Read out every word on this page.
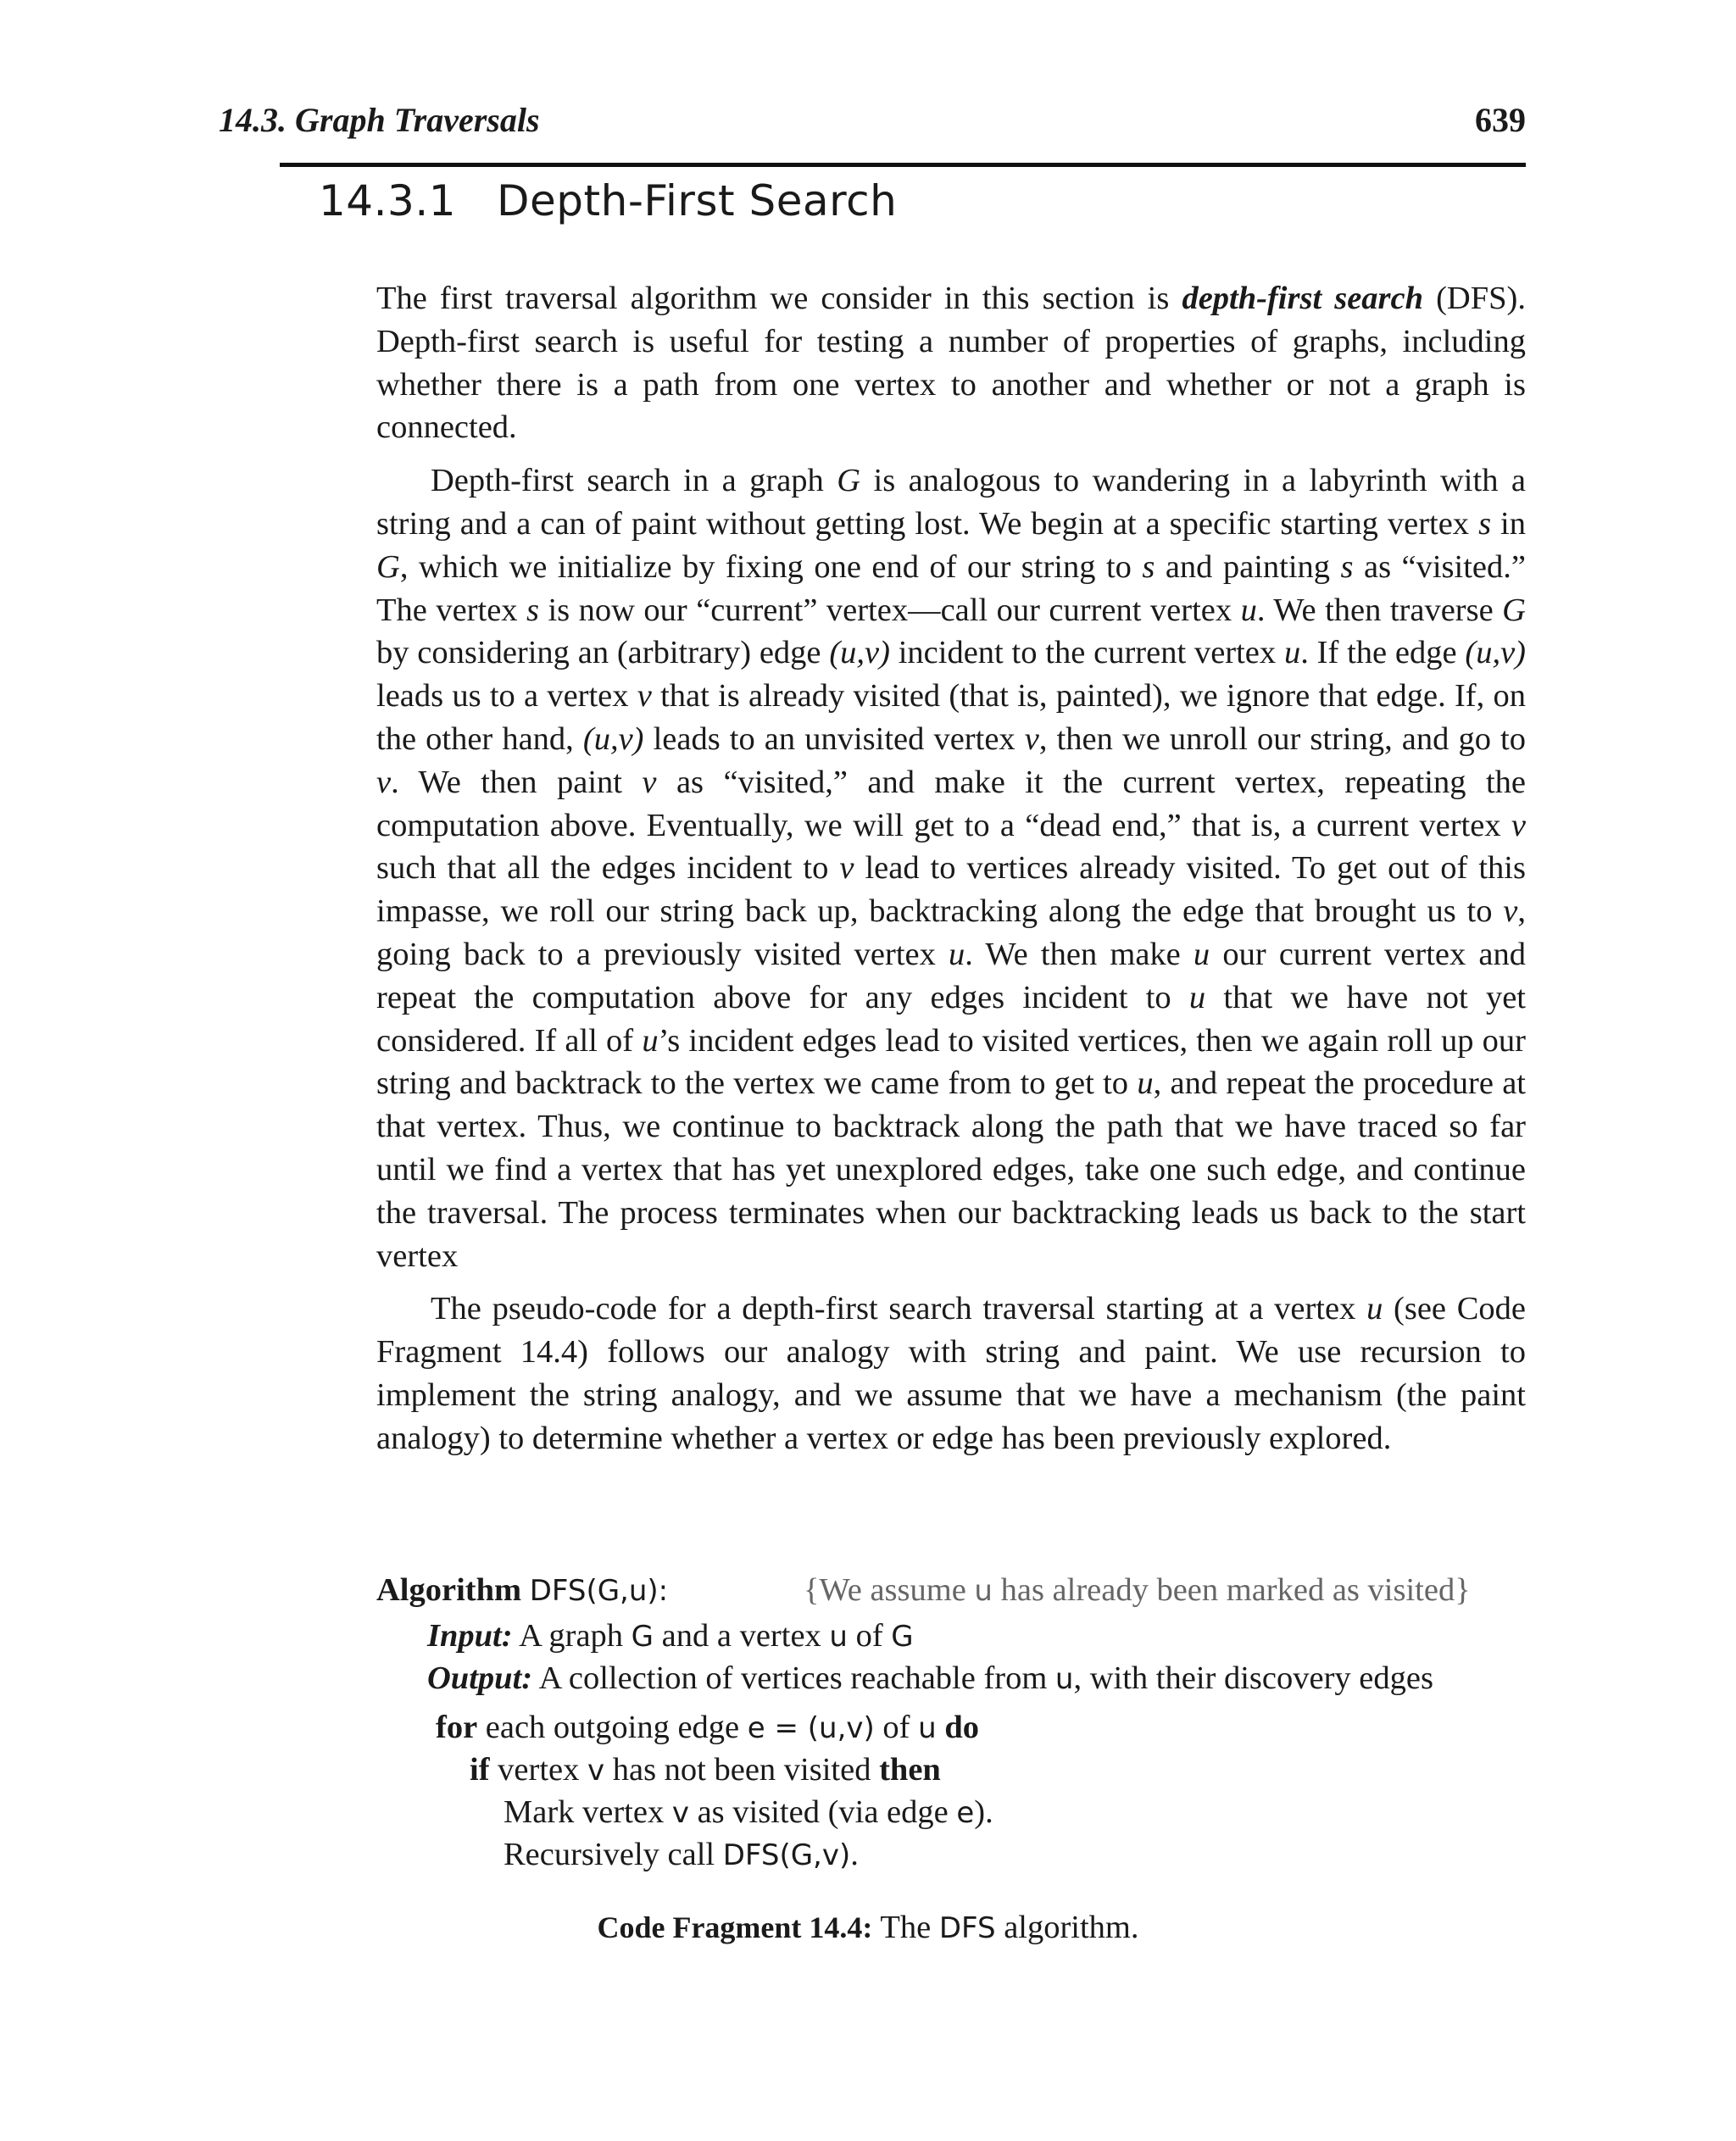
14.3. Graph Traversals	639
14.3.1 Depth-First Search

The first traversal algorithm we consider in this section is depth-first search (DFS). Depth-first search is useful for testing a number of properties of graphs, including whether there is a path from one vertex to another and whether or not a graph is connected.

Depth-first search in a graph G is analogous to wandering in a labyrinth with a string and a can of paint without getting lost. We begin at a specific starting vertex s in G, which we initialize by fixing one end of our string to s and painting s as “visited.” The vertex s is now our “current” vertex—call our current vertex u. We then traverse G by considering an (arbitrary) edge (u,v) incident to the current vertex u. If the edge (u,v) leads us to a vertex v that is already visited (that is, painted), we ignore that edge. If, on the other hand, (u,v) leads to an unvisited vertex v, then we unroll our string, and go to v. We then paint v as “visited,” and make it the current vertex, repeating the computation above. Eventually, we will get to a “dead end,” that is, a current vertex v such that all the edges incident to v lead to vertices already visited. To get out of this impasse, we roll our string back up, backtracking along the edge that brought us to v, going back to a previously visited vertex u. We then make u our current vertex and repeat the computation above for any edges incident to u that we have not yet considered. If all of u’s incident edges lead to visited vertices, then we again roll up our string and backtrack to the vertex we came from to get to u, and repeat the procedure at that vertex. Thus, we continue to backtrack along the path that we have traced so far until we find a vertex that has yet unexplored edges, take one such edge, and continue the traversal. The process terminates when our backtracking leads us back to the start vertex

The pseudo-code for a depth-first search traversal starting at a vertex u (see Code Fragment 14.4) follows our analogy with string and paint. We use recursion to implement the string analogy, and we assume that we have a mechanism (the paint analogy) to determine whether a vertex or edge has been previously explored.

Algorithm DFS(G,u):	{We assume u has already been marked as visited}
Input: A graph G and a vertex u of G
Output: A collection of vertices reachable from u, with their discovery edges
for each outgoing edge e = (u,v) of u do
if vertex v has not been visited then
Mark vertex v as visited (via edge e).
Recursively call DFS(G,v).
Code Fragment 14.4: The DFS algorithm.
